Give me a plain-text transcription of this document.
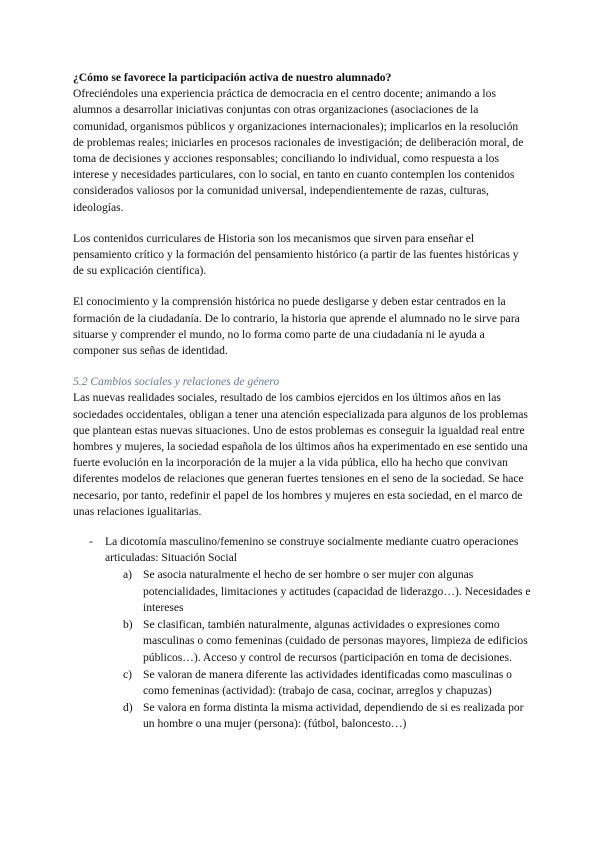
¿Cómo se favorece la participación activa de nuestro alumnado?

Ofreciéndoles una experiencia práctica de democracia en el centro docente; animando a los alumnos a desarrollar iniciativas conjuntas con otras organizaciones (asociaciones de la comunidad, organismos públicos y organizaciones internacionales); implicarlos en la resolución de problemas reales; iniciarles en procesos racionales de investigación; de deliberación moral, de toma de decisiones y acciones responsables; conciliando lo individual, como respuesta a los interese y necesidades particulares, con lo social, en tanto en cuanto contemplen los contenidos considerados valiosos por la comunidad universal, independientemente de razas, culturas, ideologías.

Los contenidos curriculares de Historia son los mecanismos que sirven para enseñar el pensamiento crítico y la formación del pensamiento histórico (a partir de las fuentes históricas y de su explicación científica).

El conocimiento y la comprensión histórica no puede desligarse y deben estar centrados en la formación de la ciudadanía. De lo contrario, la historia que aprende el alumnado no le sirve para situarse y comprender el mundo, no lo forma como parte de una ciudadanía ni le ayuda a componer sus señas de identidad.

5.2 Cambios sociales y relaciones de género

Las nuevas realidades sociales, resultado de los cambios ejercidos en los últimos años en las sociedades occidentales, obligan a tener una atención especializada para algunos de los problemas que plantean estas nuevas situaciones. Uno de estos problemas es conseguir la igualdad real entre hombres y mujeres, la sociedad española de los últimos años ha experimentado en ese sentido una fuerte evolución en la incorporación de la mujer a la vida pública, ello ha hecho que convivan diferentes modelos de relaciones que generan fuertes tensiones en el seno de la sociedad. Se hace necesario, por tanto, redefinir el papel de los hombres y mujeres en esta sociedad, en el marco de unas relaciones igualitarias.

- La dicotomía masculino/femenino se construye socialmente mediante cuatro operaciones articuladas: Situación Social

a) Se asocia naturalmente el hecho de ser hombre o ser mujer con algunas potencialidades, limitaciones y actitudes (capacidad de liderazgo…). Necesidades e intereses
b) Se clasifican, también naturalmente, algunas actividades o expresiones como masculinas o como femeninas (cuidado de personas mayores, limpieza de edificios públicos…). Acceso y control de recursos (participación en toma de decisiones.
c) Se valoran de manera diferente las actividades identificadas como masculinas o como femeninas (actividad): (trabajo de casa, cocinar, arreglos y chapuzas)
d) Se valora en forma distinta la misma actividad, dependiendo de si es realizada por un hombre o una mujer (persona): (fútbol, baloncesto…)
